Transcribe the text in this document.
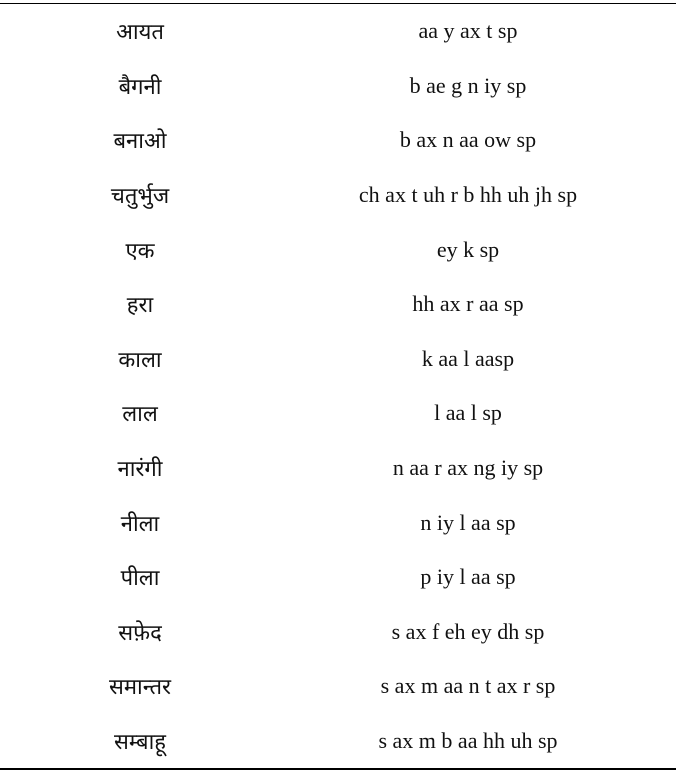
आयत	aa y ax t sp
बैगनी	b ae g n iy sp
बनाओ	b ax n aa ow sp
चतुर्भुज	ch ax t uh r b hh uh jh sp
एक	ey k sp
हरा	hh ax r aa sp
काला	k aa l aasp
लाल	l aa l sp
नारंगी	n aa r ax ng iy sp
नीला	n iy l aa sp
पीला	p iy l aa sp
सफ़ेद	s ax f eh ey dh sp
समान्तर	s ax m aa n t ax r sp
सम्बाहू	s ax m b aa hh uh sp
